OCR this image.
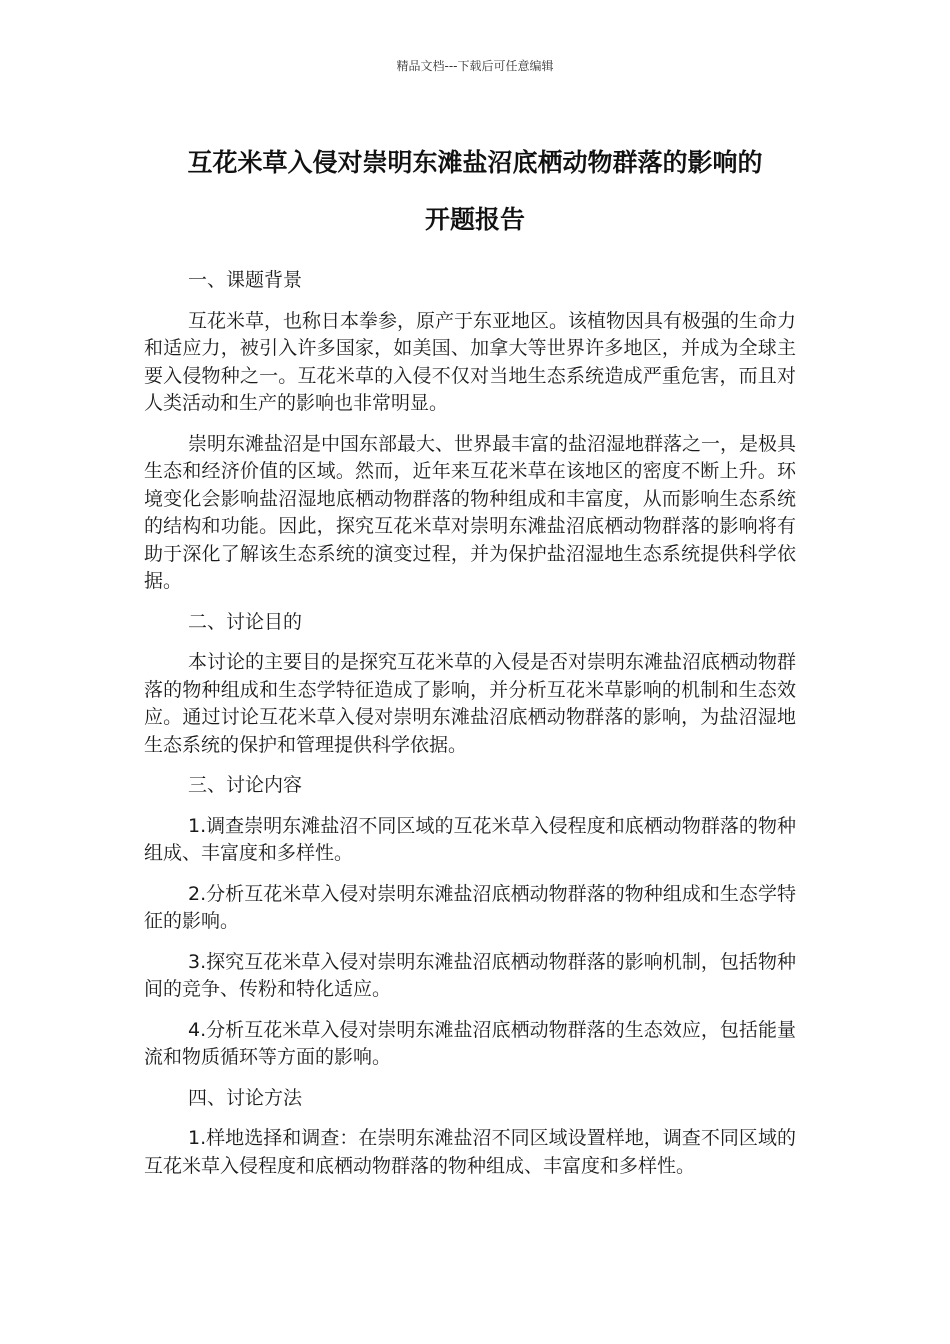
精品文档---下载后可任意编辑
互花米草入侵对崇明东滩盐沼底栖动物群落的影响的
开题报告

一、课题背景

互花米草，也称日本拳参，原产于东亚地区。该植物因具有极强的生命力和适应力，被引入许多国家，如美国、加拿大等世界许多地区，并成为全球主要入侵物种之一。互花米草的入侵不仅对当地生态系统造成严重危害，而且对人类活动和生产的影响也非常明显。

崇明东滩盐沼是中国东部最大、世界最丰富的盐沼湿地群落之一，是极具生态和经济价值的区域。然而，近年来互花米草在该地区的密度不断上升。环境变化会影响盐沼湿地底栖动物群落的物种组成和丰富度，从而影响生态系统的结构和功能。因此，探究互花米草对崇明东滩盐沼底栖动物群落的影响将有助于深化了解该生态系统的演变过程，并为保护盐沼湿地生态系统提供科学依据。

二、讨论目的

本讨论的主要目的是探究互花米草的入侵是否对崇明东滩盐沼底栖动物群落的物种组成和生态学特征造成了影响，并分析互花米草影响的机制和生态效应。通过讨论互花米草入侵对崇明东滩盐沼底栖动物群落的影响，为盐沼湿地生态系统的保护和管理提供科学依据。

三、讨论内容

1.调查崇明东滩盐沼不同区域的互花米草入侵程度和底栖动物群落的物种组成、丰富度和多样性。

2.分析互花米草入侵对崇明东滩盐沼底栖动物群落的物种组成和生态学特征的影响。

3.探究互花米草入侵对崇明东滩盐沼底栖动物群落的影响机制，包括物种间的竞争、传粉和特化适应。

4.分析互花米草入侵对崇明东滩盐沼底栖动物群落的生态效应，包括能量流和物质循环等方面的影响。

四、讨论方法

1.样地选择和调查：在崇明东滩盐沼不同区域设置样地，调查不同区域的互花米草入侵程度和底栖动物群落的物种组成、丰富度和多样性。
